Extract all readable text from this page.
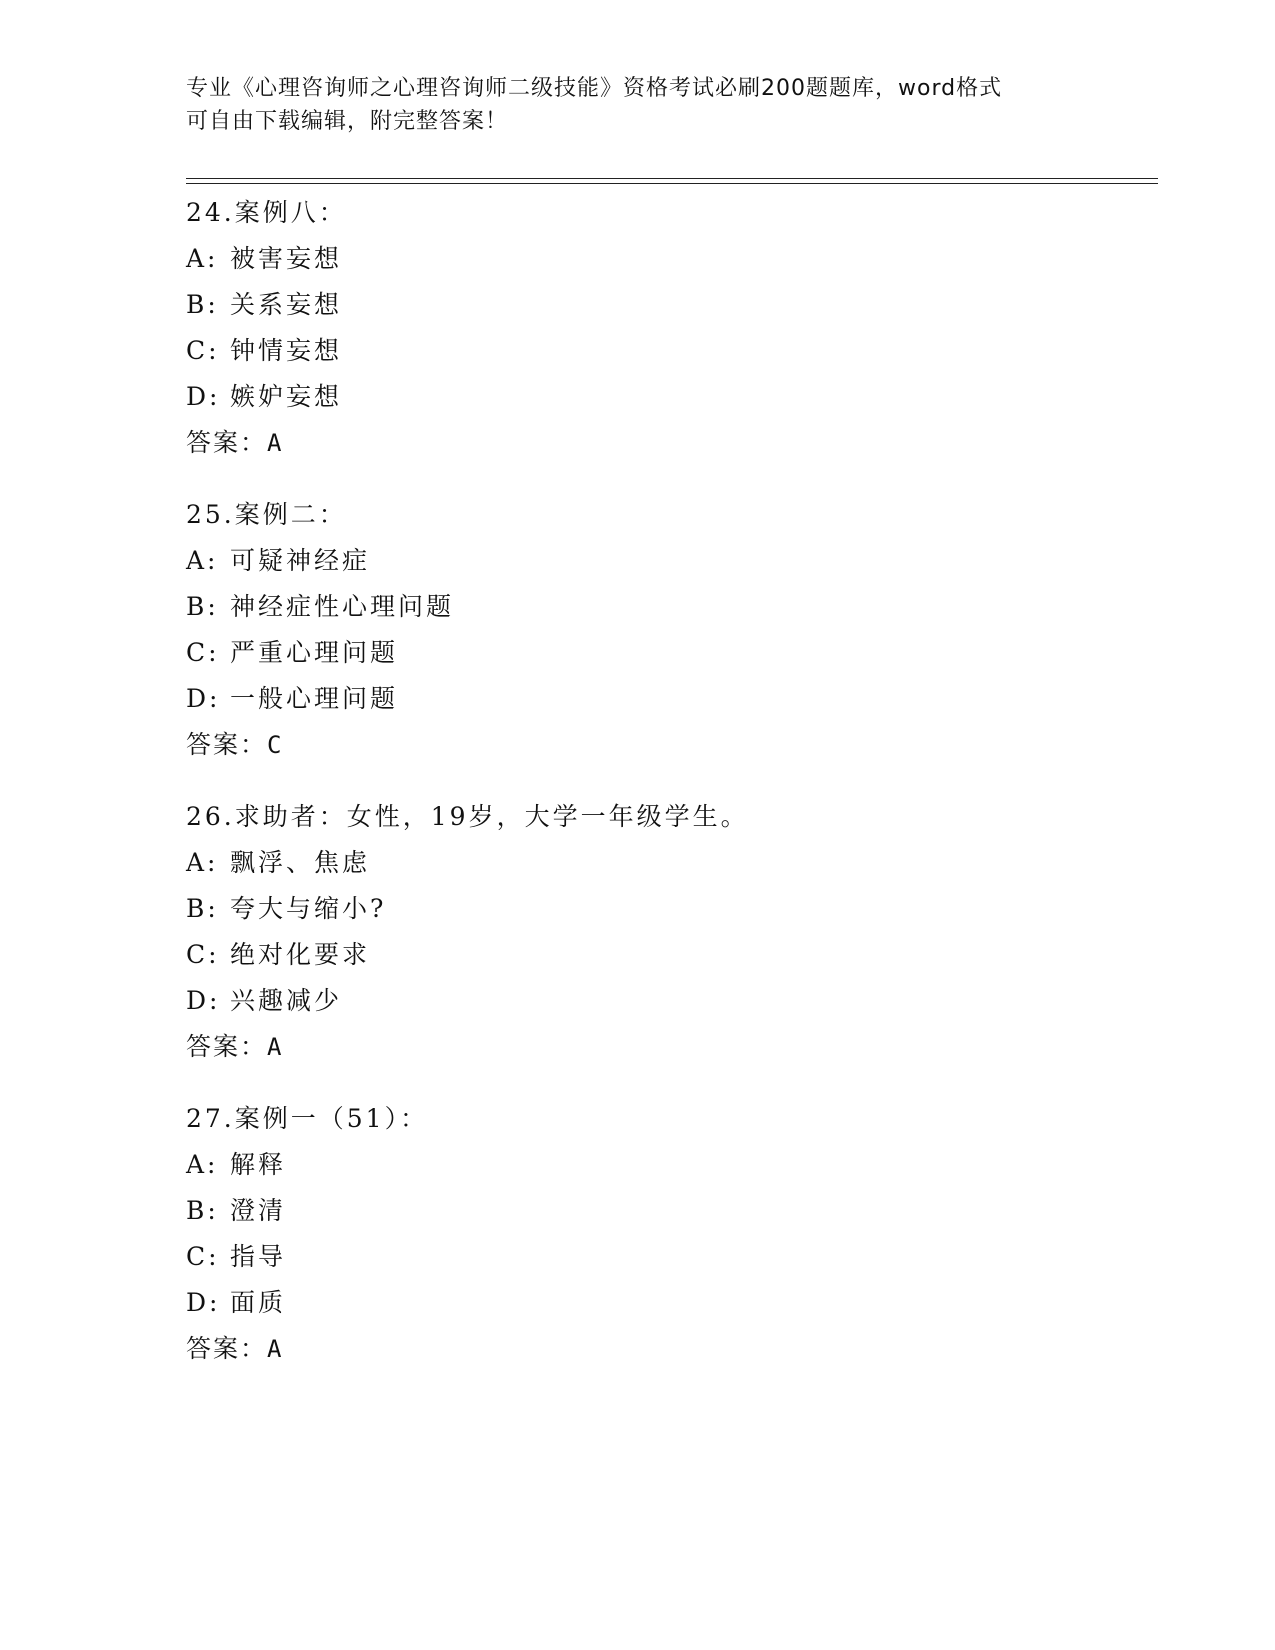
专业《心理咨询师之心理咨询师二级技能》资格考试必刷200题题库，word格式
可自由下载编辑，附完整答案！
24.案例八：
A: 被害妄想
B: 关系妄想
C: 钟情妄想
D: 嫉妒妄想
答案：A
25.案例二：
A: 可疑神经症
B: 神经症性心理问题
C: 严重心理问题
D: 一般心理问题
答案：C
26.求助者：女性，19岁，大学一年级学生。
A: 飘浮、焦虑
B: 夸大与缩小?
C: 绝对化要求
D: 兴趣减少
答案：A
27.案例一（51）：
A: 解释
B: 澄清
C: 指导
D: 面质
答案：A
